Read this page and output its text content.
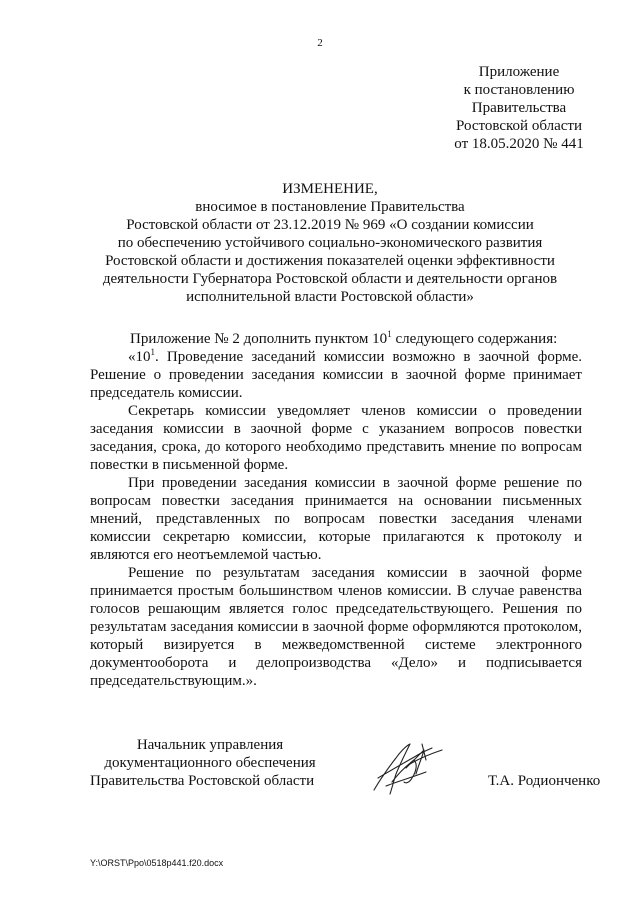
2
Приложение
к постановлению
Правительства
Ростовской области
от 18.05.2020 № 441
ИЗМЕНЕНИЕ,
вносимое в постановление Правительства
Ростовской области от 23.12.2019 № 969 «О создании комиссии
по обеспечению устойчивого социально-экономического развития
Ростовской области и достижения показателей оценки эффективности
деятельности Губернатора Ростовской области и деятельности органов
исполнительной власти Ростовской области»

Приложение № 2 дополнить пунктом $10^1$ следующего содержания:

«$10^1$. Проведение заседаний комиссии возможно в заочной форме. Решение о проведении заседания комиссии в заочной форме принимает председатель комиссии.

Секретарь комиссии уведомляет членов комиссии о проведении заседания комиссии в заочной форме с указанием вопросов повестки заседания, срока, до которого необходимо представить мнение по вопросам повестки в письменной форме.

При проведении заседания комиссии в заочной форме решение по вопросам повестки заседания принимается на основании письменных мнений, представленных по вопросам повестки заседания членами комиссии секретарю комиссии, которые прилагаются к протоколу и являются его неотъемлемой частью.

Решение по результатам заседания комиссии в заочной форме принимается простым большинством членов комиссии. В случае равенства голосов решающим является голос председательствующего. Решения по результатам заседания комиссии в заочной форме оформляются протоколом, который визируется в межведомственной системе электронного документооборота и делопроизводства «Дело» и подписывается председательствующим.».

Начальник управления
документационного обеспечения
Правительства Ростовской области	Т.А. Родионченко
Y:\ORST\Ppo\0518p441.f20.docx
